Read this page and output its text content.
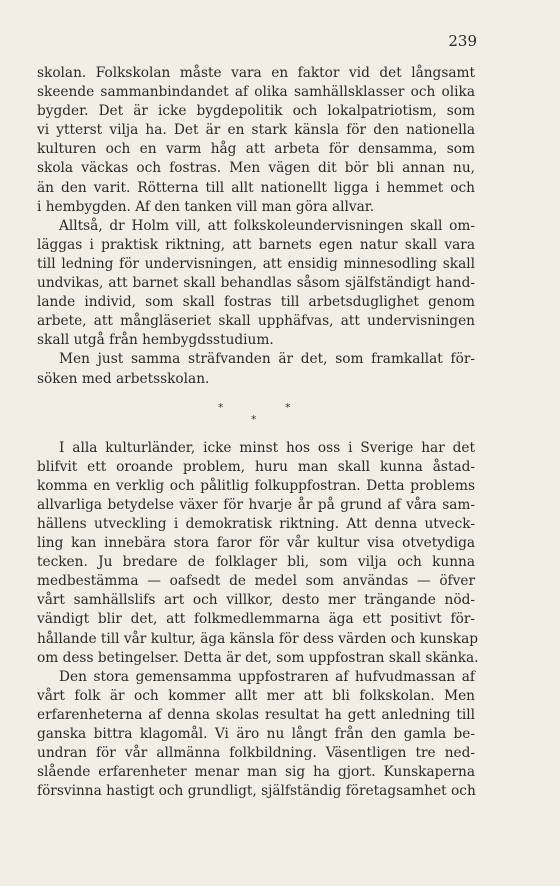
239
skolan. Folkskolan måste vara en faktor vid det långsamt
skeende sammanbindandet af olika samhällsklasser och olika
bygder. Det är icke bygdepolitik och lokalpatriotism, som
vi ytterst vilja ha. Det är en stark känsla för den nationella
kulturen och en varm håg att arbeta för densamma, som
skola väckas och fostras. Men vägen dit bör bli annan nu,
än den varit. Rötterna till allt nationellt ligga i hemmet och
i hembygden. Af den tanken vill man göra allvar.
Alltså, dr Holm vill, att folkskoleundervisningen skall om-
läggas i praktisk riktning, att barnets egen natur skall vara
till ledning för undervisningen, att ensidig minnesodling skall
undvikas, att barnet skall behandlas såsom själfständigt hand-
lande individ, som skall fostras till arbetsduglighet genom
arbete, att mångläseriet skall upphäfvas, att undervisningen
skall utgå från hembygdsstudium.
Men just samma sträfvanden är det, som framkallat för-
söken med arbetsskolan.
*	*
*
I alla kulturländer, icke minst hos oss i Sverige har det
blifvit ett oroande problem, huru man skall kunna åstad-
komma en verklig och pålitlig folkuppfostran. Detta problems
allvarliga betydelse växer för hvarje år på grund af våra sam-
hällens utveckling i demokratisk riktning. Att denna utveck-
ling kan innebära stora faror för vår kultur visa otvetydiga
tecken. Ju bredare de folklager bli, som vilja och kunna
medbestämma — oafsedt de medel som användas — öfver
vårt samhällslifs art och villkor, desto mer trängande nöd-
vändigt blir det, att folkmedlemmarna äga ett positivt för-
hållande till vår kultur, äga känsla för dess värden och kunskap
om dess betingelser. Detta är det, som uppfostran skall skänka.
Den stora gemensamma uppfostraren af hufvudmassan af
vårt folk är och kommer allt mer att bli folkskolan. Men
erfarenheterna af denna skolas resultat ha gett anledning till
ganska bittra klagomål. Vi äro nu långt från den gamla be-
undran för vår allmänna folkbildning. Väsentligen tre ned-
slående erfarenheter menar man sig ha gjort. Kunskaperna
försvinna hastigt och grundligt, själfständig företagsamhet och
